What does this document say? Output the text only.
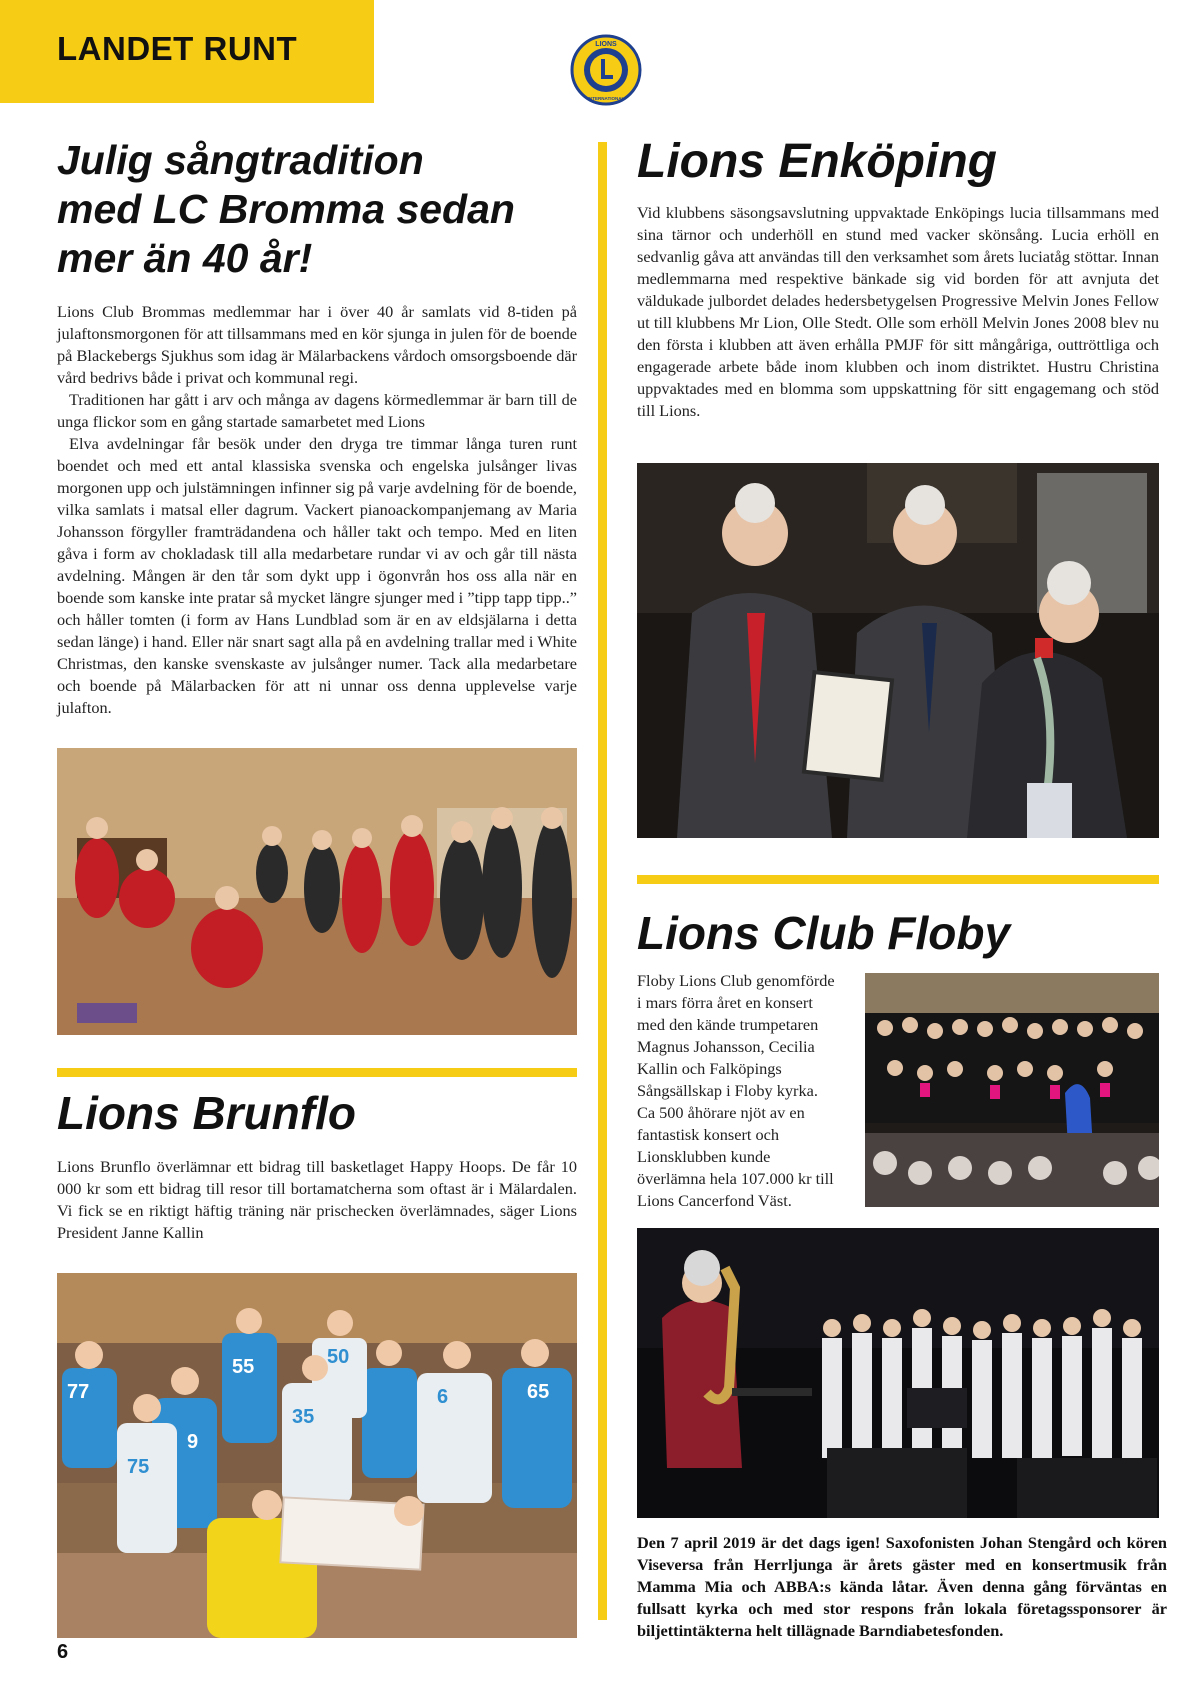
LANDET RUNT	LIONS
INTERNATIONAL
Julig sångtradition
med LC Bromma sedan
mer än 40 år!

Lions Club Brommas medlemmar har i över 40 år samlats vid 8-tiden på julaftonsmorgonen för att tillsammans med en kör sjunga in julen för de boende på Blackebergs Sjukhus som idag är Mälarbackens vårdoch omsorgsboende där vård bedrivs både i privat och kommunal regi.

Traditionen har gått i arv och många av dagens körmedlemmar är barn till de unga flickor som en gång startade samarbetet med Lions

Elva avdelningar får besök under den dryga tre timmar långa turen runt boendet och med ett antal klassiska svenska och engelska julsånger livas morgonen upp och julstämningen infinner sig på varje avdelning för de boende, vilka samlats i matsal eller dagrum. Vackert pianoackompanjemang av Maria Johansson förgyller framträdandena och håller takt och tempo. Med en liten gåva i form av chokladask till alla medarbetare rundar vi av och går till nästa avdelning. Mången är den tår som dykt upp i ögonvrån hos oss alla när en boende som kanske inte pratar så mycket längre sjunger med i ”tipp tapp tipp..” och håller tomten (i form av Hans Lundblad som är en av eldsjälarna i detta sedan länge) i hand. Eller när snart sagt alla på en avdelning trallar med i White Christmas, den kanske svenskaste av julsånger numer. Tack alla medarbetare och boende på Mälarbacken för att ni unnar oss denna upplevelse varje julafton.

Lions Brunflo

Lions Brunflo överlämnar ett bidrag till basketlaget Happy Hoops. De får 10 000 kr som ett bidrag till resor till bortamatcherna som oftast är i Mälardalen. Vi fick se en riktigt häftig träning när prischecken överlämnades, säger Lions President Janne Kallin

77
9
75
55
35
50
6	65
Lions Enköping

Vid klubbens säsongsavslutning uppvaktade Enköpings lucia tillsammans med sina tärnor och underhöll en stund med vacker skönsång. Lucia erhöll en sedvanlig gåva att användas till den verksamhet som årets luciatåg stöttar. Innan medlemmarna med respektive bänkade sig vid borden för att avnjuta det väldukade julbordet delades hedersbetygelsen Progressive Melvin Jones Fellow ut till klubbens Mr Lion, Olle Stedt. Olle som erhöll Melvin Jones 2008 blev nu den första i klubben att även erhålla PMJF för sitt mångåriga, outtröttliga och engagerade arbete både inom klubben och inom distriktet. Hustru Christina uppvaktades med en blomma som uppskattning för sitt engagemang och stöd till Lions.

Lions Club Floby

Floby Lions Club genomförde i mars förra året en konsert med den kände trumpetaren Magnus Johansson, Cecilia Kallin och Falköpings Sångsällskap i Floby kyrka. Ca 500 åhörare njöt av en fantastisk konsert och Lionsklubben kunde överlämna hela 107.000 kr till Lions Cancerfond Väst.

Den 7 april 2019 är det dags igen! Saxofonisten Johan Stengård och kören Viseversa från Herrljunga är årets gäster med en konsertmusik från Mamma Mia och ABBA:s kända låtar. Även denna gång förväntas en fullsatt kyrka och med stor respons från lokala företagssponsorer är biljettintäkterna helt tillägnade Barndiabetesfonden.

6
